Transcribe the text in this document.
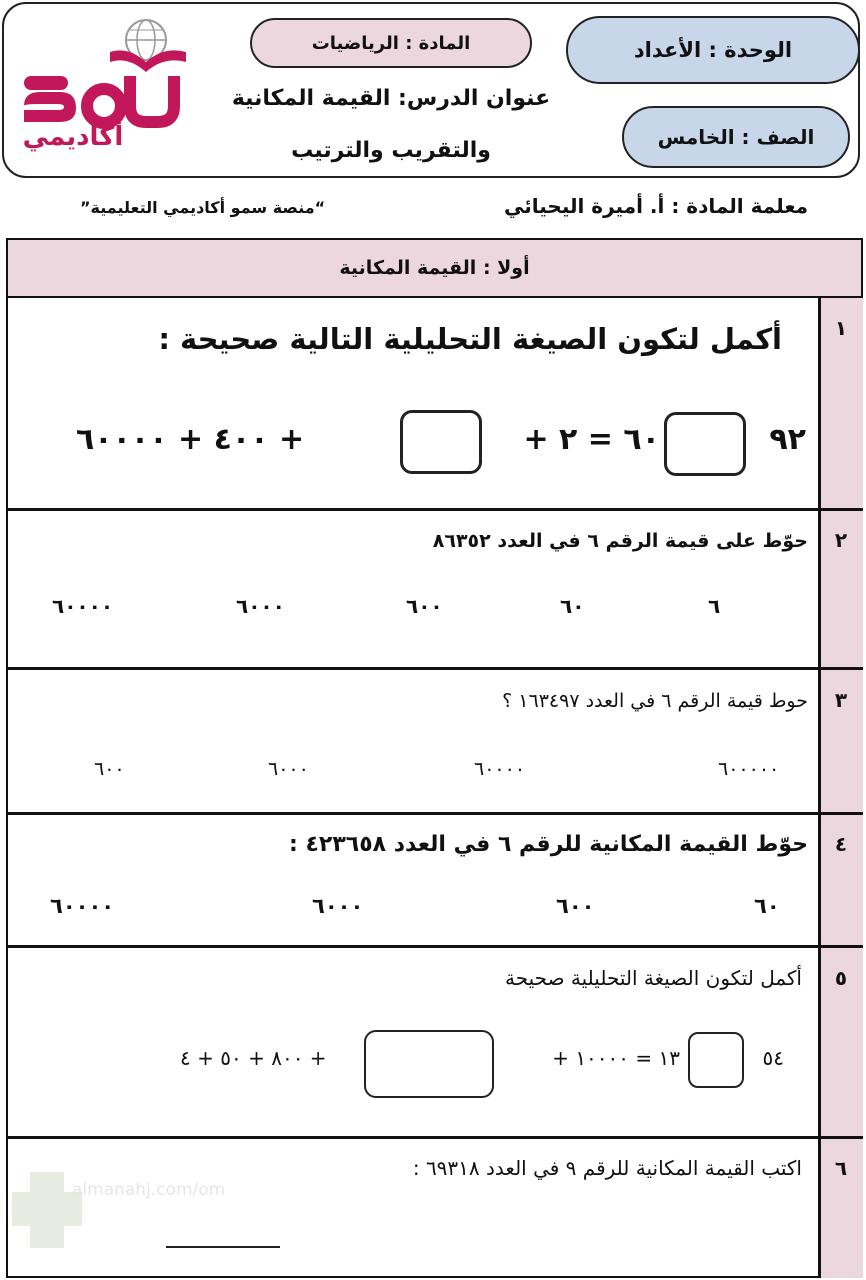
أكاديمي
الوحدة : الأعداد
المادة : الرياضيات
الصف : الخامس
عنوان الدرس: القيمة المكانية
والتقريب والترتيب
معلمة المادة : أ. أميرة اليحيائي
“منصة سمو أكاديمي التعليمية”
أولا : القيمة المكانية
١
أكمل لتكون الصيغة التحليلية التالية صحيحة :
٩٢
٦٠ = ٢ +
+ ٤٠٠ + ٦٠٠٠٠
٢
حوّط على قيمة الرقم ٦ في العدد ٨٦٣٥٢
٦
٦٠
٦٠٠
٦٠٠٠
٦٠٠٠٠
٣
حوط قيمة الرقم ٦ في العدد ١٦٣٤٩٧ ؟
٦٠٠٠٠٠
٦٠٠٠٠
٦٠٠٠
٦٠٠
٤
حوّط القيمة المكانية للرقم ٦ في العدد ٤٢٣٦٥٨ :
٦٠
٦٠٠
٦٠٠٠
٦٠٠٠٠
٥
أكمل لتكون الصيغة التحليلية صحيحة
٥٤
١٣ = ١٠٠٠٠ +
+ ٨٠٠ + ٥٠ + ٤
٦
اكتب القيمة المكانية للرقم ٩ في العدد ٦٩٣١٨ :
almanahj.com/om
